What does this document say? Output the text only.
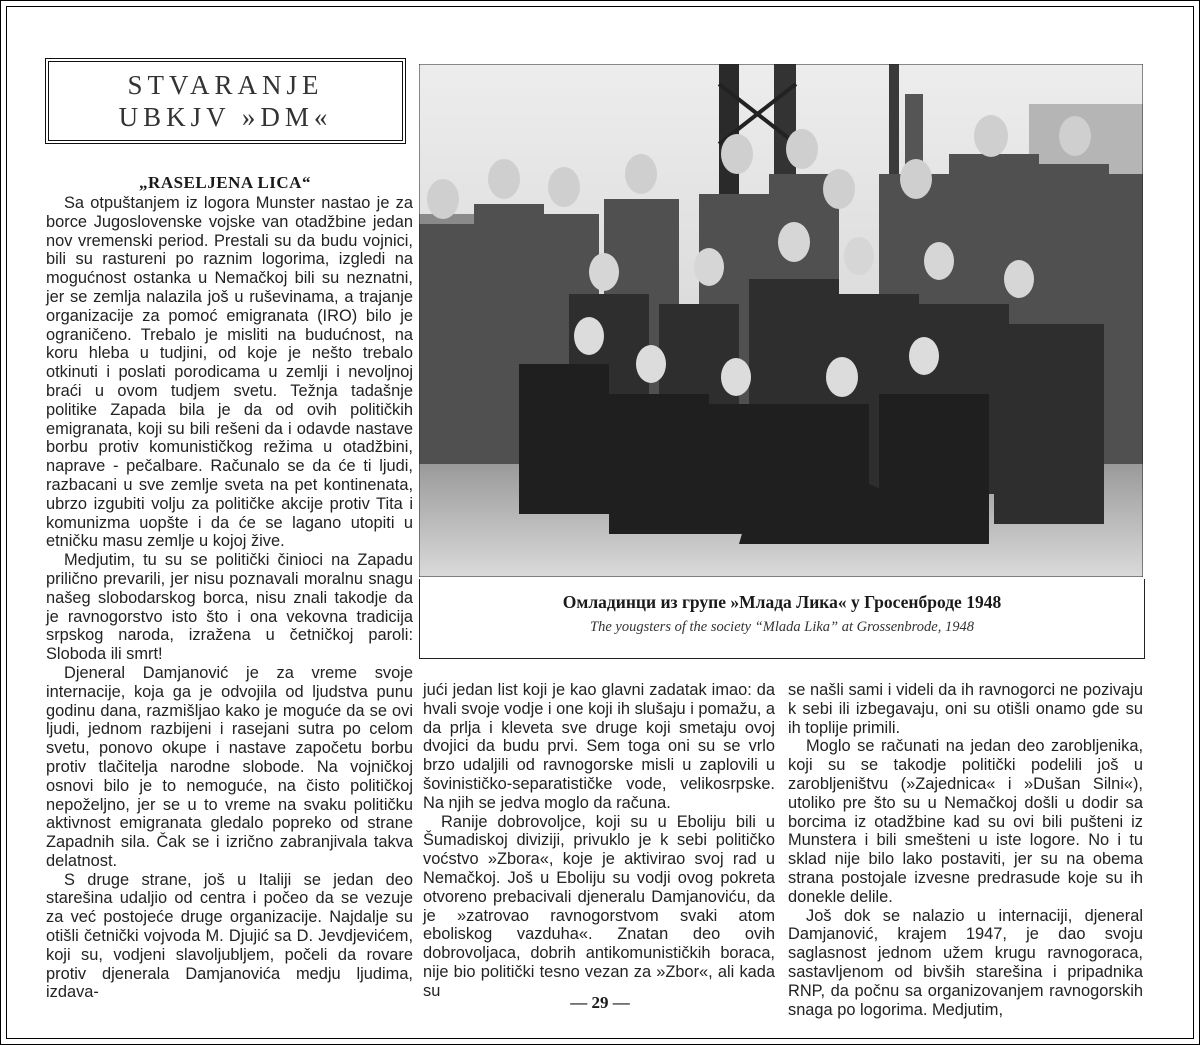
STVARANJE
UBKJV »DM«
„RASELJENA LICA“

Sa otpuštanjem iz logora Munster nastao je za borce Jugoslovenske vojske van otadžbine jedan nov vremenski period. Prestali su da budu vojnici, bili su rastureni po raznim logorima, izgledi na mogućnost ostanka u Nemačkoj bili su neznatni, jer se zemlja nalazila još u ruševinama, a trajanje organizacije za pomoć emigranata (IRO) bilo je ograničeno. Trebalo je misliti na budućnost, na koru hleba u tudjini, od koje je nešto trebalo otkinuti i poslati porodicama u zemlji i nevoljnoj braći u ovom tudjem svetu. Težnja tadašnje politike Zapada bila je da od ovih političkih emigranata, koji su bili rešeni da i odavde nastave borbu protiv komunističkog režima u otadžbini, naprave - pečalbare. Računalo se da će ti ljudi, razbacani u sve zemlje sveta na pet kontinenata, ubrzo izgubiti volju za političke akcije protiv Tita i komunizma uopšte i da će se lagano utopiti u etničku masu zemlje u kojoj žive.

Medjutim, tu su se politički činioci na Zapadu prilično prevarili, jer nisu poznavali moralnu snagu našeg slobodarskog borca, nisu znali takodje da je ravnogorstvo isto što i ona vekovna tradicija srpskog naroda, izražena u četničkoj paroli: Sloboda ili smrt!

Djeneral Damjanović je za vreme svoje internacije, koja ga je odvojila od ljudstva punu godinu dana, razmišljao kako je moguće da se ovi ljudi, jednom razbijeni i rasejani sutra po celom svetu, ponovo okupe i nastave započetu borbu protiv tlačitelja narodne slobode. Na vojničkoj osnovi bilo je to nemoguće, na čisto političkoj nepoželjno, jer se u to vreme na svaku političku aktivnost emigranata gledalo popreko od strane Zapadnih sila. Čak se i izrično zabranjivala takva delatnost.

S druge strane, još u Italiji se jedan deo starešina udaljio od centra i počeo da se vezuje za već postojeće druge organizacije. Najdalje su otišli četnički vojvoda M. Djujić sa D. Jevdjevićem, koji su, vodjeni slavoljubljem, počeli da rovare protiv djenerala Damjanovića medju ljudima, izdava-

Омладинци из групе »Млада Лика« у Гросенброде 1948
The yougsters of the society “Mlada Lika” at Grossenbrode, 1948

jući jedan list koji je kao glavni zadatak imao: da hvali svoje vodje i one koji ih slušaju i pomažu, a da prlja i kleveta sve druge koji smetaju ovoj dvojici da budu prvi. Sem toga oni su se vrlo brzo udaljili od ravnogorske misli u zaplovili u šovinističko-separatističke vode, velikosrpske. Na njih se jedva moglo da računa.

Ranije dobrovoljce, koji su u Eboliju bili u Šumadiskoj diviziji, privuklo je k sebi političko voćstvo »Zbora«, koje je aktivirao svoj rad u Nemačkoj. Još u Eboliju su vodji ovog pokreta otvoreno prebacivali djeneralu Damjanoviću, da je »zatrovao ravnogorstvom svaki atom eboliskog vazduha«. Znatan deo ovih dobrovoljaca, dobrih antikomunističkih boraca, nije bio politički tesno vezan za »Zbor«, ali kada su

se našli sami i videli da ih ravnogorci ne pozivaju k sebi ili izbegavaju, oni su otišli onamo gde su ih toplije primili.

Moglo se računati na jedan deo zarobljenika, koji su se takodje politički podelili još u zarobljeništvu (»Zajednica« i »Dušan Silni«), utoliko pre što su u Nemačkoj došli u dodir sa borcima iz otadžbine kad su ovi bili pušteni iz Munstera i bili smešteni u iste logore. No i tu sklad nije bilo lako postaviti, jer su na obema strana postojale izvesne predrasude koje su ih donekle delile.

Još dok se nalazio u internaciji, djeneral Damjanović, krajem 1947, je dao svoju saglasnost jednom užem krugu ravnogoraca, sastavljenom od bivših starešina i pripadnika RNP, da počnu sa organizovanjem ravnogorskih snaga po logorima. Medjutim,

— 29 —
